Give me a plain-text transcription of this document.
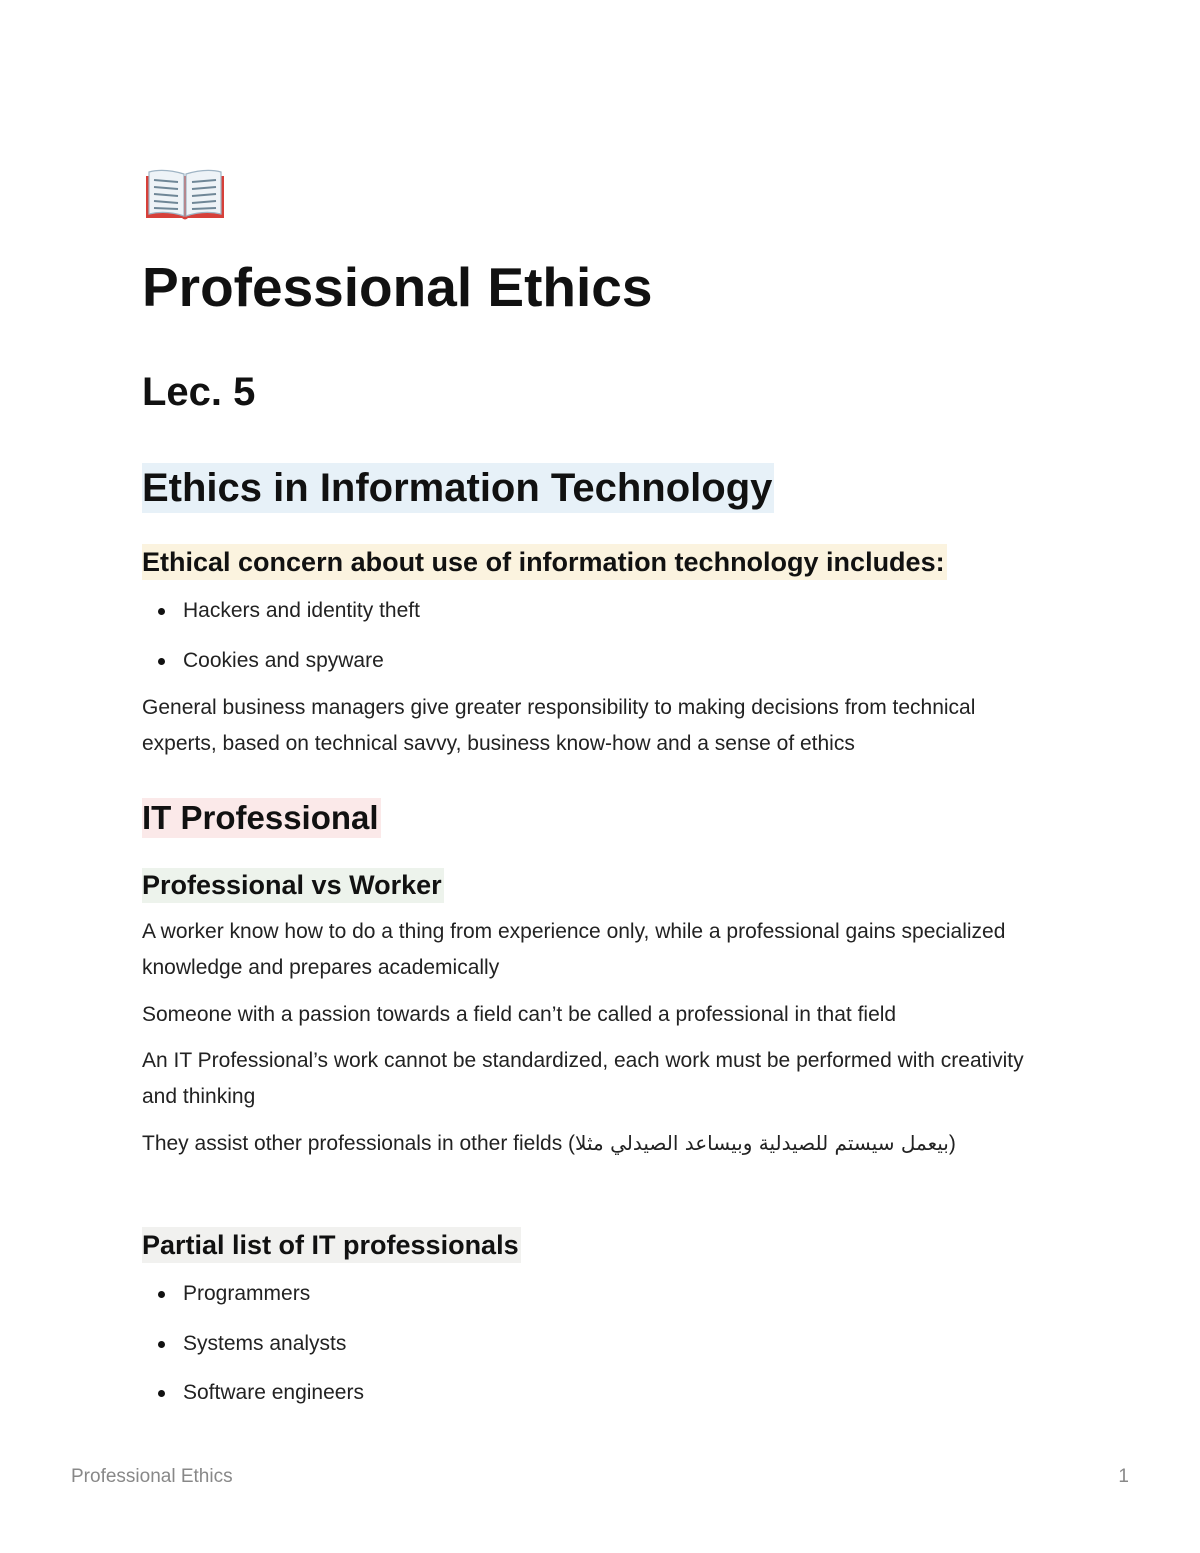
Professional Ethics
Lec. 5
Ethics in Information Technology
Ethical concern about use of information technology includes:
Hackers and identity theft
Cookies and spyware

General business managers give greater responsibility to making decisions from technical experts, based on technical savvy, business know-how and a sense of ethics

IT Professional
Professional vs Worker

A worker know how to do a thing from experience only, while a professional gains specialized knowledge and prepares academically

Someone with a passion towards a field can’t be called a professional in that field

An IT Professional’s work cannot be standardized, each work must be performed with creativity and thinking

They assist other professionals in other fields (بيعمل سيستم للصيدلية وبيساعد الصيدلي مثلا)

Partial list of IT professionals
Programmers
Systems analysts
Software engineers
Professional Ethics	1
